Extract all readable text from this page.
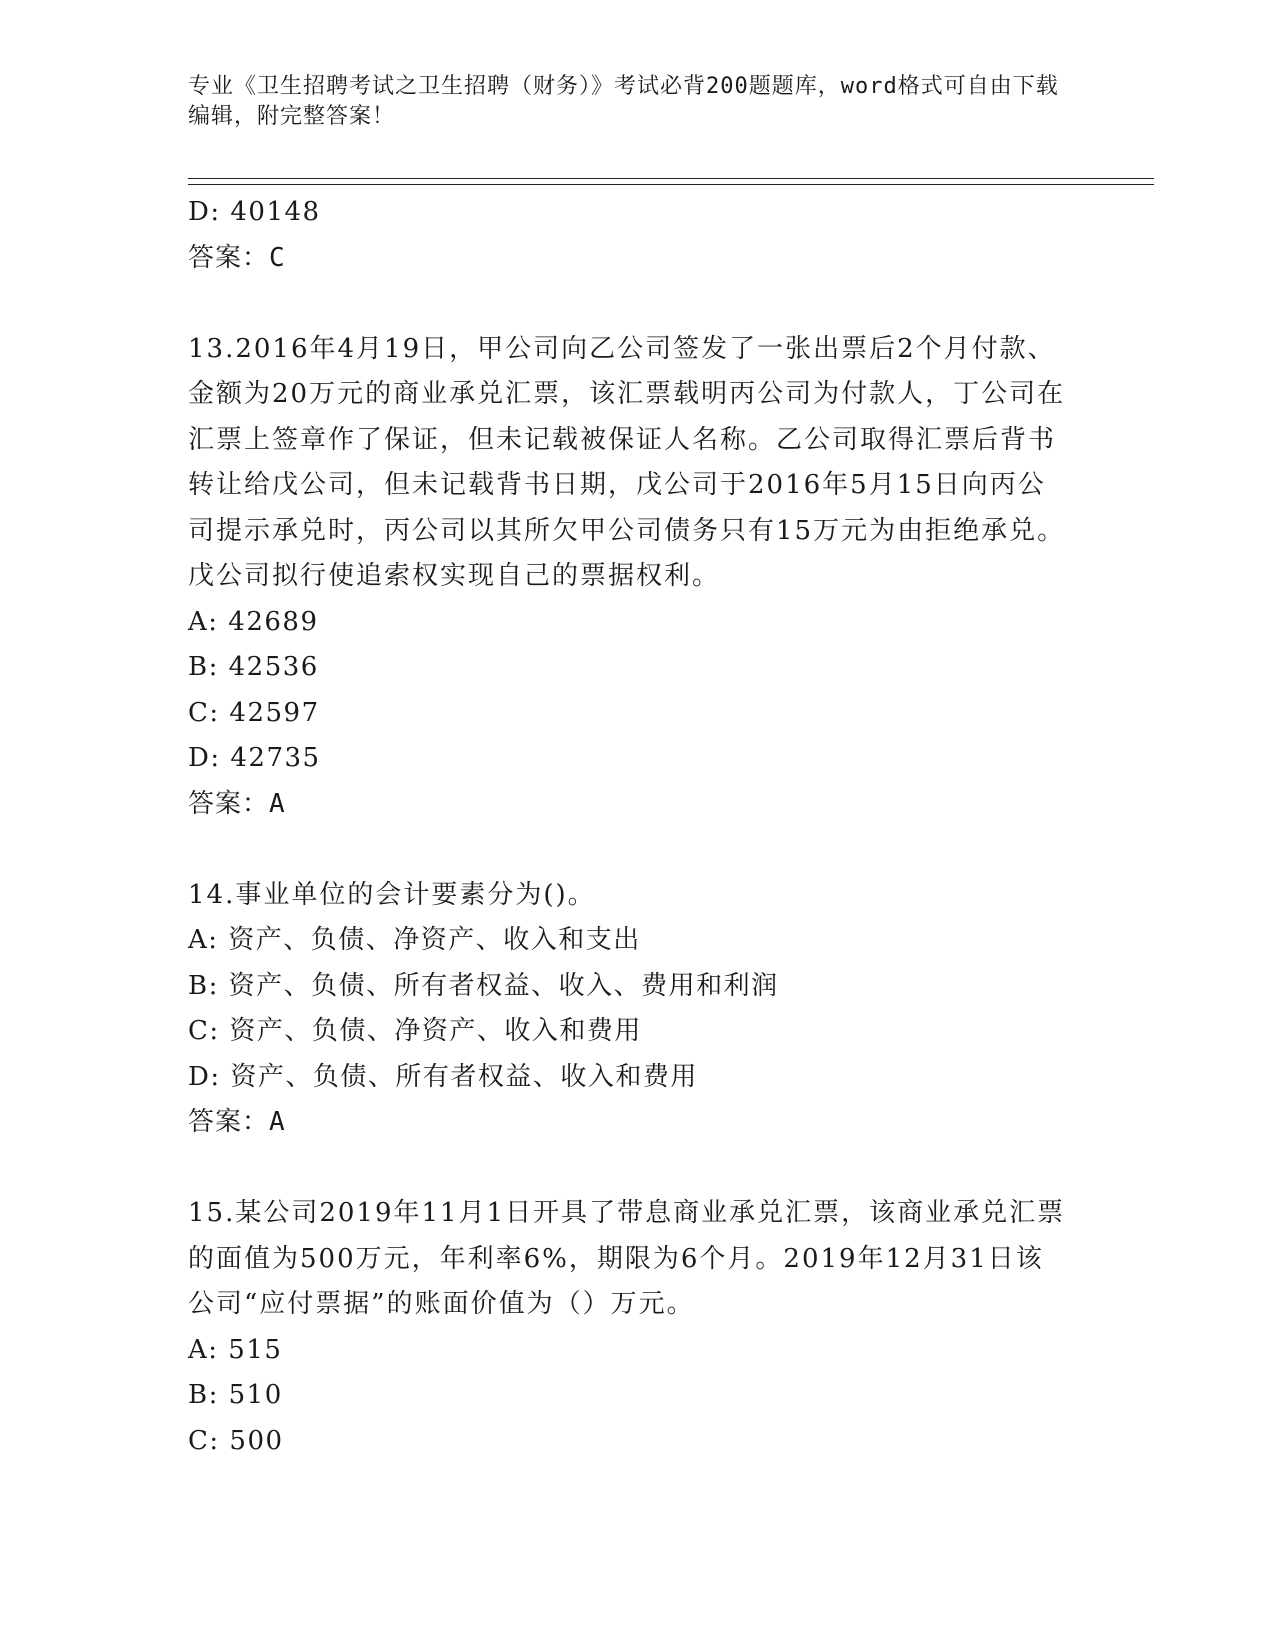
专业《卫生招聘考试之卫生招聘（财务）》考试必背200题题库，word格式可自由下载编辑，附完整答案！
D: 40148
答案：C
13.2016年4月19日，甲公司向乙公司签发了一张出票后2个月付款、金额为20万元的商业承兑汇票，该汇票载明丙公司为付款人，丁公司在汇票上签章作了保证，但未记载被保证人名称。乙公司取得汇票后背书转让给戊公司，但未记载背书日期，戊公司于2016年5月15日向丙公司提示承兑时，丙公司以其所欠甲公司债务只有15万元为由拒绝承兑。戊公司拟行使追索权实现自己的票据权利。
A: 42689
B: 42536
C: 42597
D: 42735
答案：A
14.事业单位的会计要素分为()。
A: 资产、负债、净资产、收入和支出
B: 资产、负债、所有者权益、收入、费用和利润
C: 资产、负债、净资产、收入和费用
D: 资产、负债、所有者权益、收入和费用
答案：A
15.某公司2019年11月1日开具了带息商业承兑汇票，该商业承兑汇票的面值为500万元，年利率6%，期限为6个月。2019年12月31日该公司“应付票据”的账面价值为（）万元。
A: 515
B: 510
C: 500
